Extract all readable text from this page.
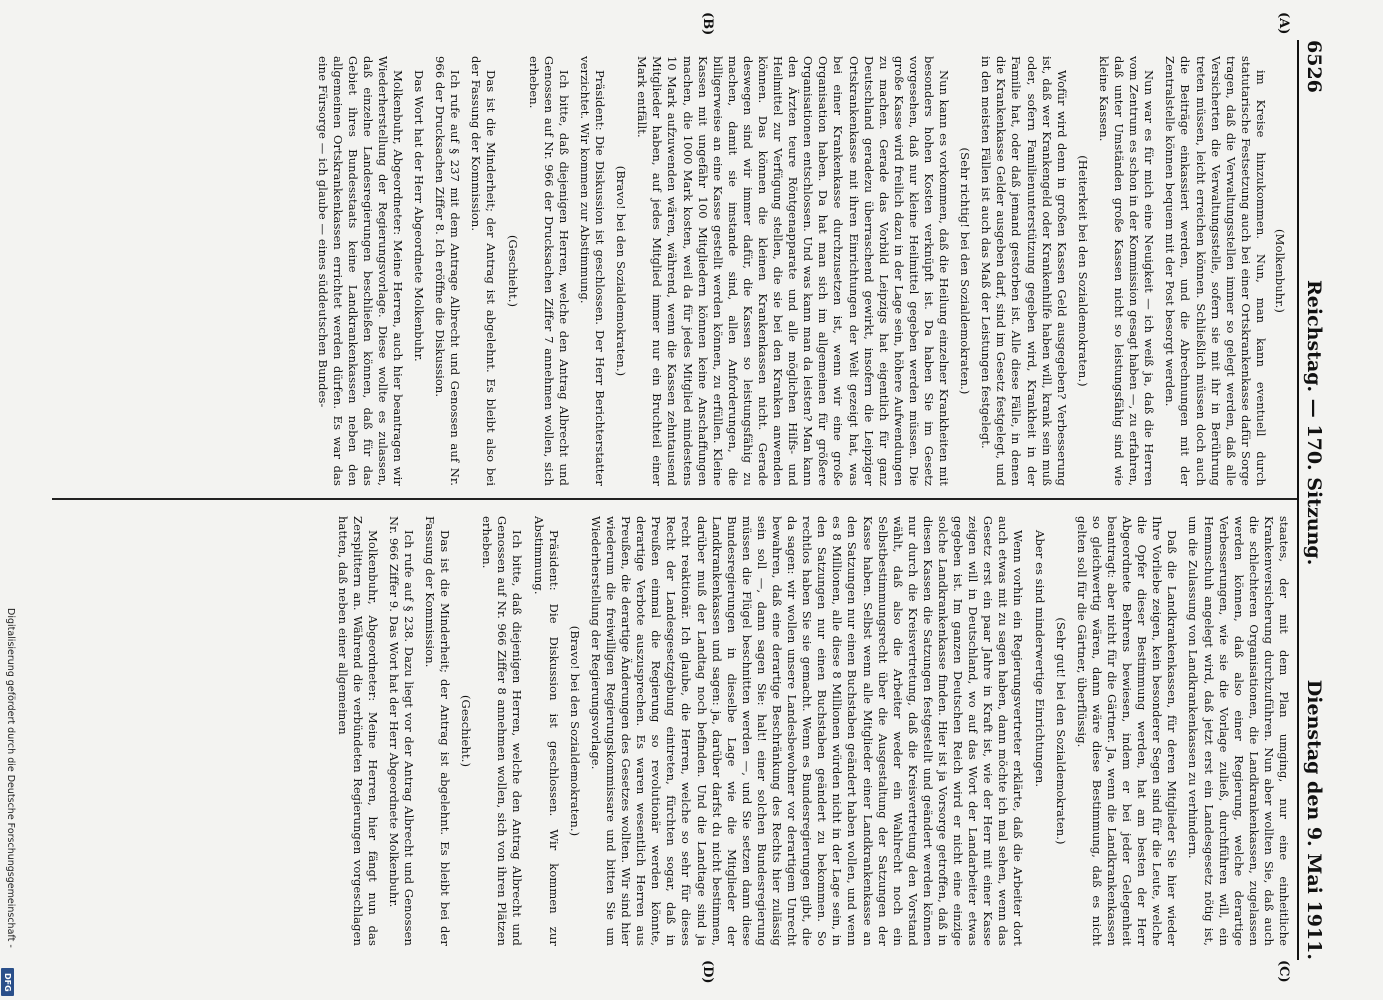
6526
Reichstag. — 170. Sitzung.
Dienstag den 9. Mai 1911.
(A)
(B)
(C)
(D)

(Molkenbuhr.)

im Kreise hinzukommen. Nun, man kann eventuell durch statutarische Festsetzung auch bei einer Ortskrankenkasse dafür Sorge tragen, daß die Verwaltungsstellen immer so gelegt werden, daß alle Versicherten die Verwaltungsstelle, sofern sie mit ihr in Berührung treten müssen, leicht erreichen können. Schließlich müssen doch auch die Beiträge einkassiert werden, und die Abrechnungen mit der Zentralstelle können bequem mit der Post besorgt werden.

Nun war es für mich eine Neuigkeit — ich weiß ja, daß die Herren vom Zentrum es schon in der Kommission gesagt haben —, zu erfahren, daß unter Umständen große Kassen nicht so leistungsfähig sind wie kleine Kassen.

(Heiterkeit bei den Sozialdemokraten.)

Wofür wird denn in großen Kassen Geld ausgegeben? Verbesserung ist, daß wer Krankengeld oder Krankenhilfe haben will, krank sein muß oder, sofern Familienunterstützung gegeben wird, Krankheit in der Familie hat, oder daß jemand gestorben ist. Alle diese Fälle, in denen die Krankenkasse Gelder ausgeben darf, sind im Gesetz festgelegt, und in den meisten Fällen ist auch das Maß der Leistungen festgelegt.

(Sehr richtig! bei den Sozialdemokraten.)

Nun kann es vorkommen, daß die Heilung einzelner Krankheiten mit besonders hohen Kosten verknüpft ist. Da haben Sie im Gesetz vorgesehen, daß nur kleine Heilmittel gegeben werden müssen. Die große Kasse wird freilich dazu in der Lage sein, höhere Aufwendungen zu machen. Gerade das Vorbild Leipzigs hat eigentlich für ganz Deutschland geradezu überraschend gewirkt, insofern die Leipziger Ortskrankenkasse mit ihren Einrichtungen der Welt gezeigt hat, was bei einer Krankenkasse durchzusetzen ist, wenn wir eine große Organisation haben. Da hat man sich im allgemeinen für größere Organisationen entschlossen. Und was kann man da leisten? Man kann den Ärzten teure Röntgenapparate und alle möglichen Hilfs- und Heilmittel zur Verfügung stellen, die sie bei den Kranken anwenden können. Das können die kleinen Krankenkassen nicht. Gerade deswegen sind wir immer dafür, die Kassen so leistungsfähig zu machen, damit sie imstande sind, allen Anforderungen, die billigerweise an eine Kasse gestellt werden können, zu erfüllen. Kleine Kassen mit ungefähr 100 Mitgliedern können keine Anschaffungen machen, die 1000 Mark kosten, weil da für jedes Mitglied mindestens 10 Mark aufzuwenden wären, während, wenn die Kassen zehntausend Mitglieder haben, auf jedes Mitglied immer nur ein Bruchteil einer Mark entfällt.

(Bravo! bei den Sozialdemokraten.)

Präsident: Die Diskussion ist geschlossen. Der Herr Berichterstatter verzichtet. Wir kommen zur Abstimmung.

Ich bitte, daß diejenigen Herren, welche den Antrag Albrecht und Genossen auf Nr. 966 der Drucksachen Ziffer 7 annehmen wollen, sich erheben.

(Geschieht.)

Das ist die Minderheit; der Antrag ist abgelehnt. Es bleibt also bei der Fassung der Kommission.

Ich rufe auf § 237 mit dem Antrage Albrecht und Genossen auf Nr. 966 der Drucksachen Ziffer 8. Ich eröffne die Diskussion.

Das Wort hat der Herr Abgeordnete Molkenbuhr.

Molkenbuhr, Abgeordneter: Meine Herren, auch hier beantragen wir Wiederherstellung der Regierungsvorlage. Diese wollte es zulassen, daß einzelne Landesregierungen beschließen können, daß für das Gebiet ihres Bundesstaats keine Landkrankenkassen neben den allgemeinen Ortskrankenkassen errichtet werden dürfen. Es war das eine Fürsorge — ich glaube — eines süddeutschen Bundes-

staates, der mit dem Plan umging, nur eine einheitliche Krankenversicherung durchzuführen. Nun aber wollten Sie, daß auch die schlechteren Organisationen, die Landkrankenkassen, zugelassen werden können, daß also einer Regierung, welche derartige Verbesserungen, wie sie die Vorlage zuließ, durchführen will, ein Hemmschuh angelegt wird, daß jetzt erst ein Landesgesetz nötig ist, um die Zulassung von Landkrankenkassen zu verhindern.

Daß die Landkrankenkassen, für deren Mitglieder Sie hier wieder Ihre Vorliebe zeigen, kein besonderer Segen sind für die Leute, welche die Opfer dieser Bestimmung werden, hat am besten der Herr Abgeordnete Behrens bewiesen, indem er bei jeder Gelegenheit beantragt: aber nicht für die Gärtner. Ja, wenn die Landkrankenkassen so gleichwertig wären, dann wäre diese Bestimmung, daß es nicht gelten soll für die Gärtner, überflüssig.

(Sehr gut! bei den Sozialdemokraten.)

Aber es sind minderwertige Einrichtungen.

Wenn vorhin ein Regierungsvertreter erklärte, daß die Arbeiter dort auch etwas mit zu sagen haben, dann möchte ich mal sehen, wenn das Gesetz erst ein paar Jahre in Kraft ist, wie der Herr mit einer Kasse zeigen will in Deutschland, wo auf das Wort der Landarbeiter etwas gegeben ist. Im ganzen Deutschen Reich wird er nicht eine einzige solche Landkrankenkasse finden. Hier ist ja Vorsorge getroffen, daß in diesen Kassen die Satzungen festgestellt und geändert werden können nur durch die Kreisvertretung, daß die Kreisvertretung den Vorstand wählt, daß also die Arbeiter weder ein Wahlrecht noch ein Selbstbestimmungsrecht über die Ausgestaltung der Satzungen der Kasse haben. Selbst wenn alle Mitglieder einer Landkrankenkasse an den Satzungen nur einen Buchstaben geändert haben wollen, und wenn es 8 Millionen, alle diese 8 Millionen würden nicht in der Lage sein, in den Satzungen nur einen Buchstaben geändert zu bekommen. So rechtlos haben Sie sie gemacht. Wenn es Bundesregierungen gibt, die da sagen: wir wollen unsere Landesbewohner vor derartigem Unrecht bewahren, daß eine derartige Beschränkung des Rechts hier zulässig sein soll —, dann sagen Sie: halt! einer solchen Bundesregierung müssen die Flügel beschnitten werden —, und Sie setzen dann diese Bundesregierungen in dieselbe Lage wie die Mitglieder der Landkrankenkassen und sagen: ja, darüber darfst du nicht bestimmen, darüber muß der Landtag noch befinden. Und die Landtage sind ja recht reaktionär. Ich glaube, die Herren, welche so sehr für dieses Recht der Landesgesetzgebung eintreten, fürchten sogar, daß in Preußen einmal die Regierung so revolutionär werden könnte, derartige Verbote auszusprechen. Es waren wesentlich Herren aus Preußen, die derartige Änderungen des Gesetzes wollten. Wir sind hier wiederum die freiwilligen Regierungskommissare und bitten Sie um Wiederherstellung der Regierungsvorlage.

(Bravo! bei den Sozialdemokraten.)

Präsident: Die Diskussion ist geschlossen. Wir kommen zur Abstimmung.

Ich bitte, daß diejenigen Herren, welche den Antrag Albrecht und Genossen auf Nr. 966 Ziffer 8 annehmen wollen, sich von ihren Plätzen erheben.

(Geschieht.)

Das ist die Minderheit; der Antrag ist abgelehnt. Es bleibt bei der Fassung der Kommission.

Ich rufe auf § 238. Dazu liegt vor der Antrag Albrecht und Genossen Nr. 966 Ziffer 9. Das Wort hat der Herr Abgeordnete Molkenbuhr.

Molkenbuhr, Abgeordneter: Meine Herren, hier fängt nun das Zersplittern an. Während die verbündeten Regierungen vorgeschlagen hatten, daß neben einer allgemeinen

Digitalisierung gefördert durch die Deutsche Forschungsgemeinschaft -
DFG
